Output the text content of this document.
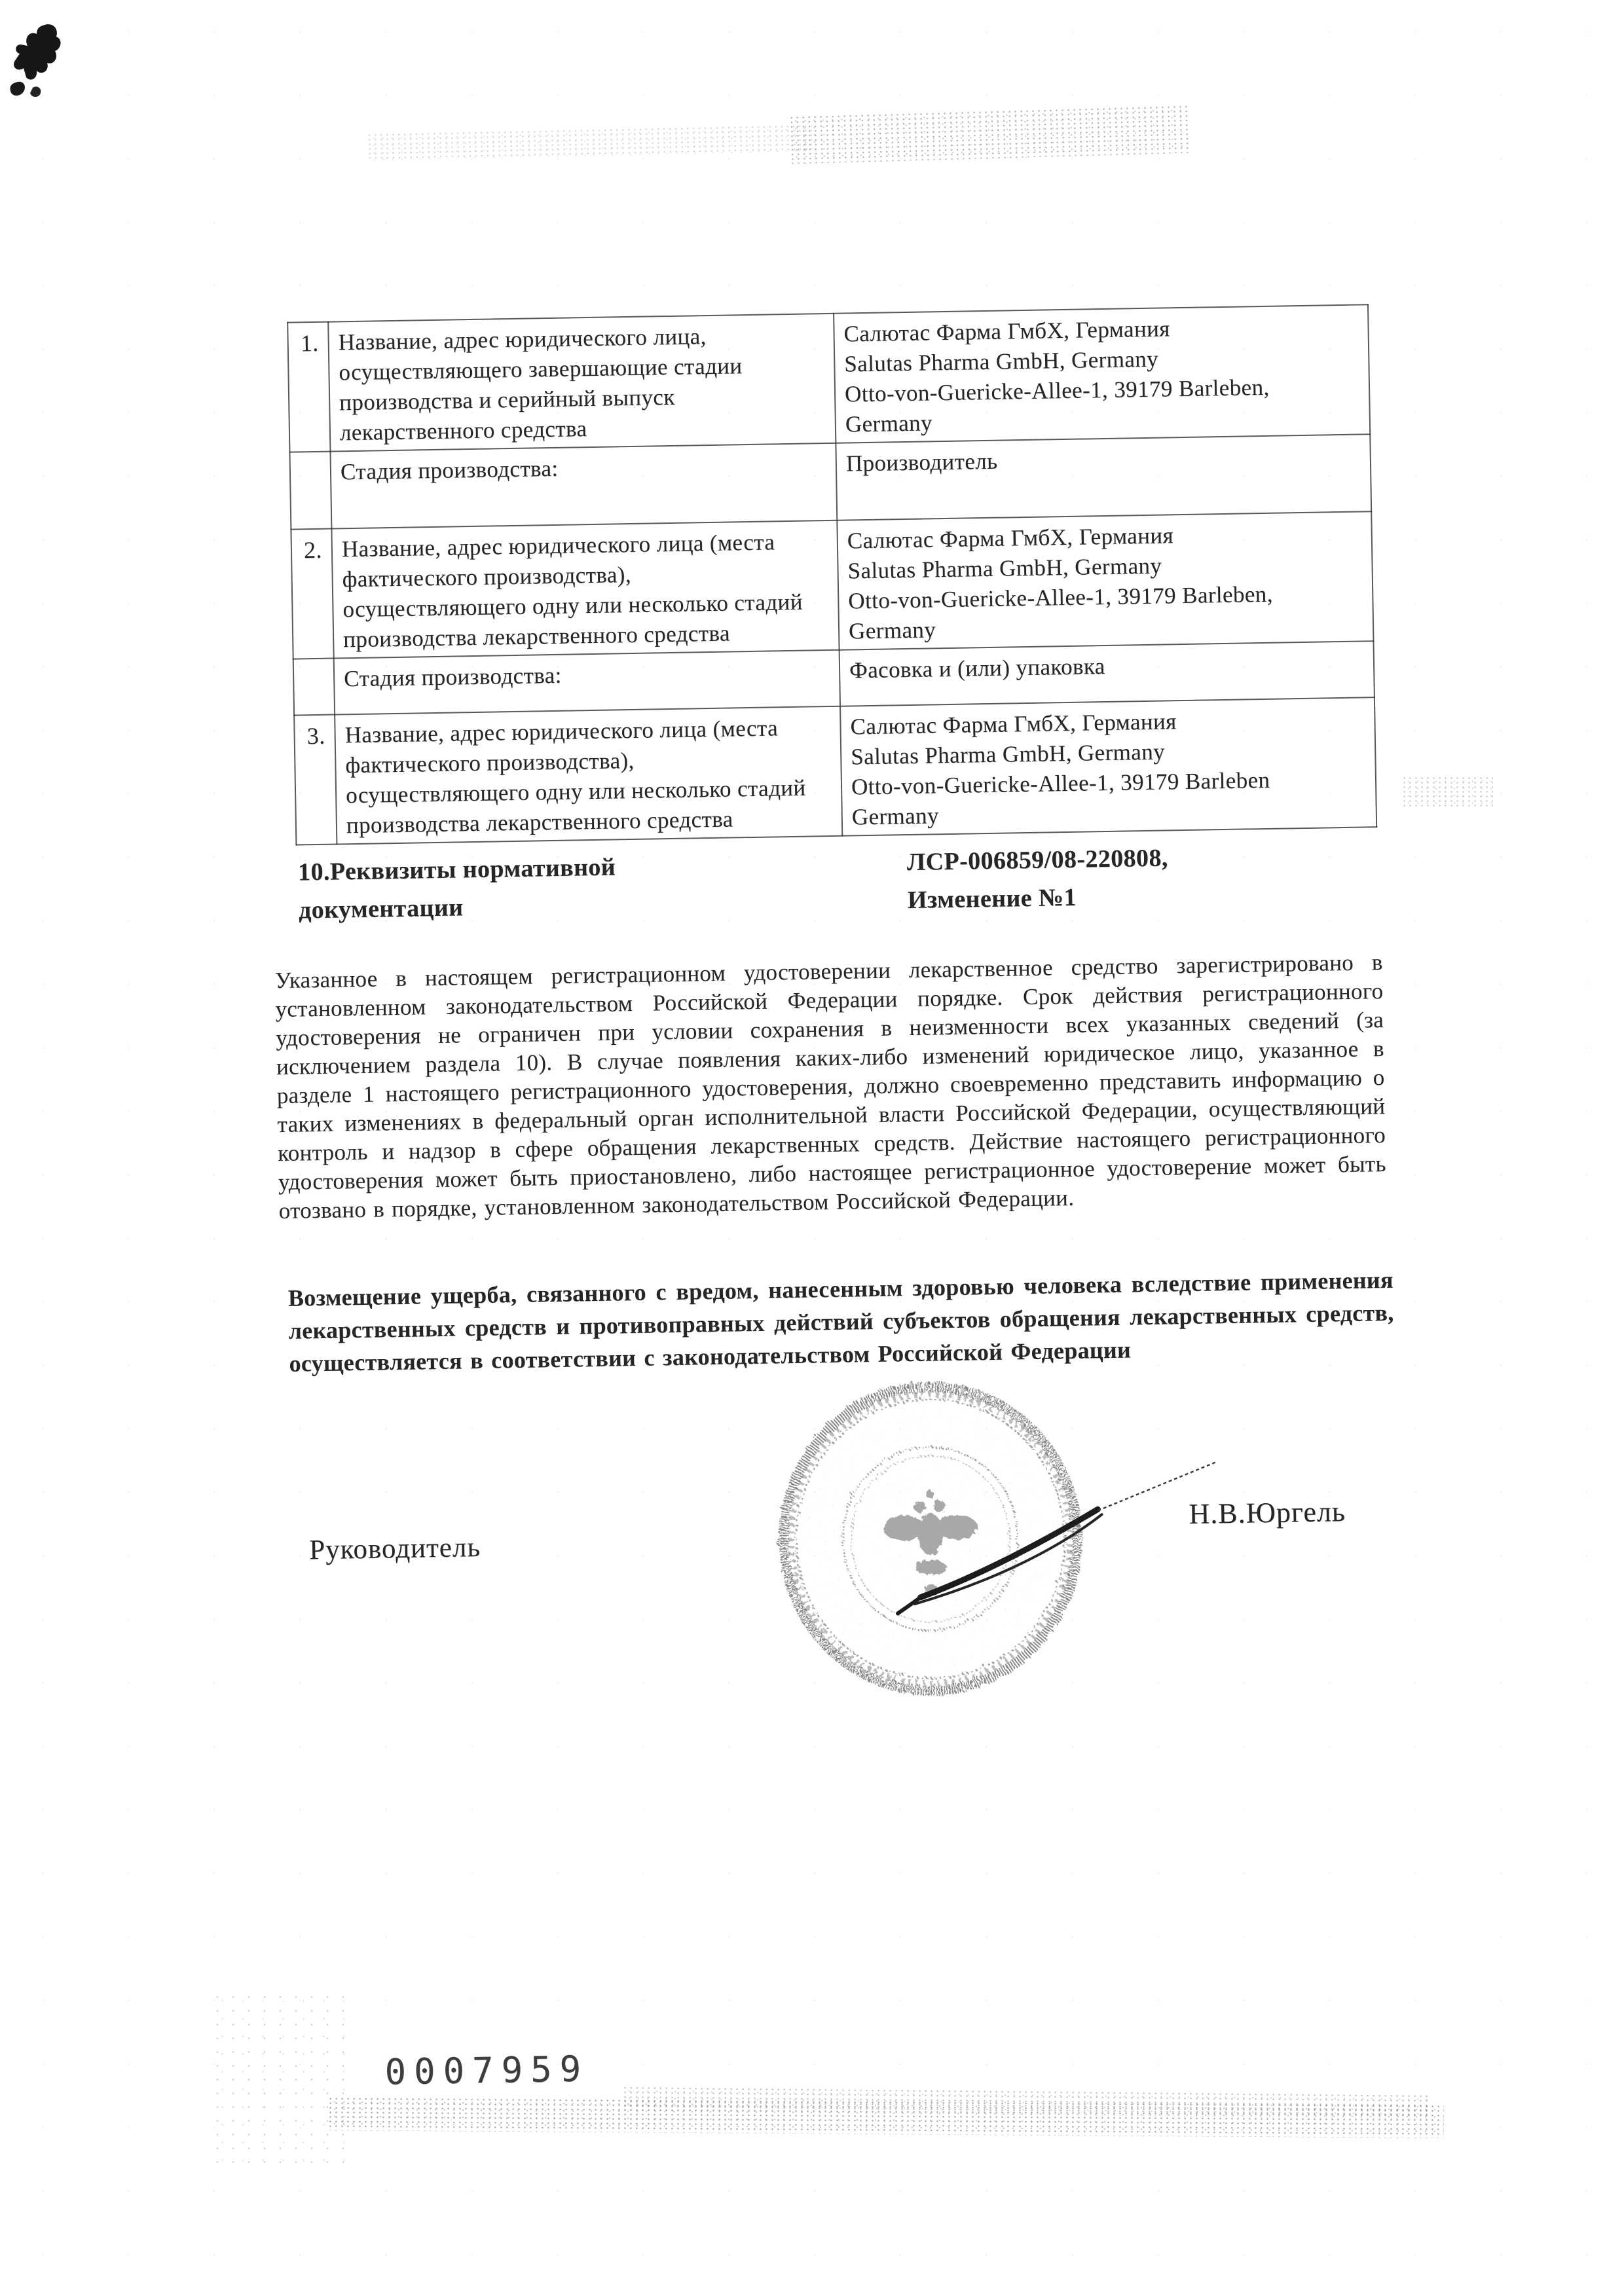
1.	Название, адрес юридического лица,
осуществляющего завершающие стадии
производства и серийный выпуск
лекарственного средства	Салютас Фарма ГмбХ, Германия
Salutas Pharma GmbH, Germany
Otto-von-Guericke-Allee-1, 39179 Barleben,
Germany
	Стадия производства:	Производитель
2.	Название, адрес юридического лица (места
фактического производства),
осуществляющего одну или несколько стадий
производства лекарственного средства	Салютас Фарма ГмбХ, Германия
Salutas Pharma GmbH, Germany
Otto-von-Guericke-Allee-1, 39179 Barleben,
Germany
	Стадия производства:	Фасовка и (или) упаковка
3.	Название, адрес юридического лица (места
фактического производства),
осуществляющего одну или несколько стадий
производства лекарственного средства	Салютас Фарма ГмбХ, Германия
Salutas Pharma GmbH, Germany
Otto-von-Guericke-Allee-1, 39179 Barleben
Germany
10.Реквизиты нормативной
документации
ЛСР-006859/08-220808,
Изменение №1
Указанное в настоящем регистрационном удостоверении лекарственное средство зарегистрировано в установленном законодательством Российской Федерации порядке. Срок действия регистрационного удостоверения не ограничен при условии сохранения в неизменности всех указанных сведений (за исключением раздела 10). В случае появления каких-либо изменений юридическое лицо, указанное в разделе 1 настоящего регистрационного удостоверения, должно своевременно представить информацию о таких изменениях в федеральный орган исполнительной власти Российской Федерации, осуществляющий контроль и надзор в сфере обращения лекарственных средств. Действие настоящего регистрационного удостоверения может быть приостановлено, либо настоящее регистрационное удостоверение может быть отозвано в порядке, установленном законодательством Российской Федерации.
Возмещение ущерба, связанного с вредом, нанесенным здоровью человека вследствие применения лекарственных средств и противоправных действий субъектов обращения лекарственных средств, осуществляется в соответствии с законодательством Российской Федерации
Руководитель
Н.В.Юргель
0007959
